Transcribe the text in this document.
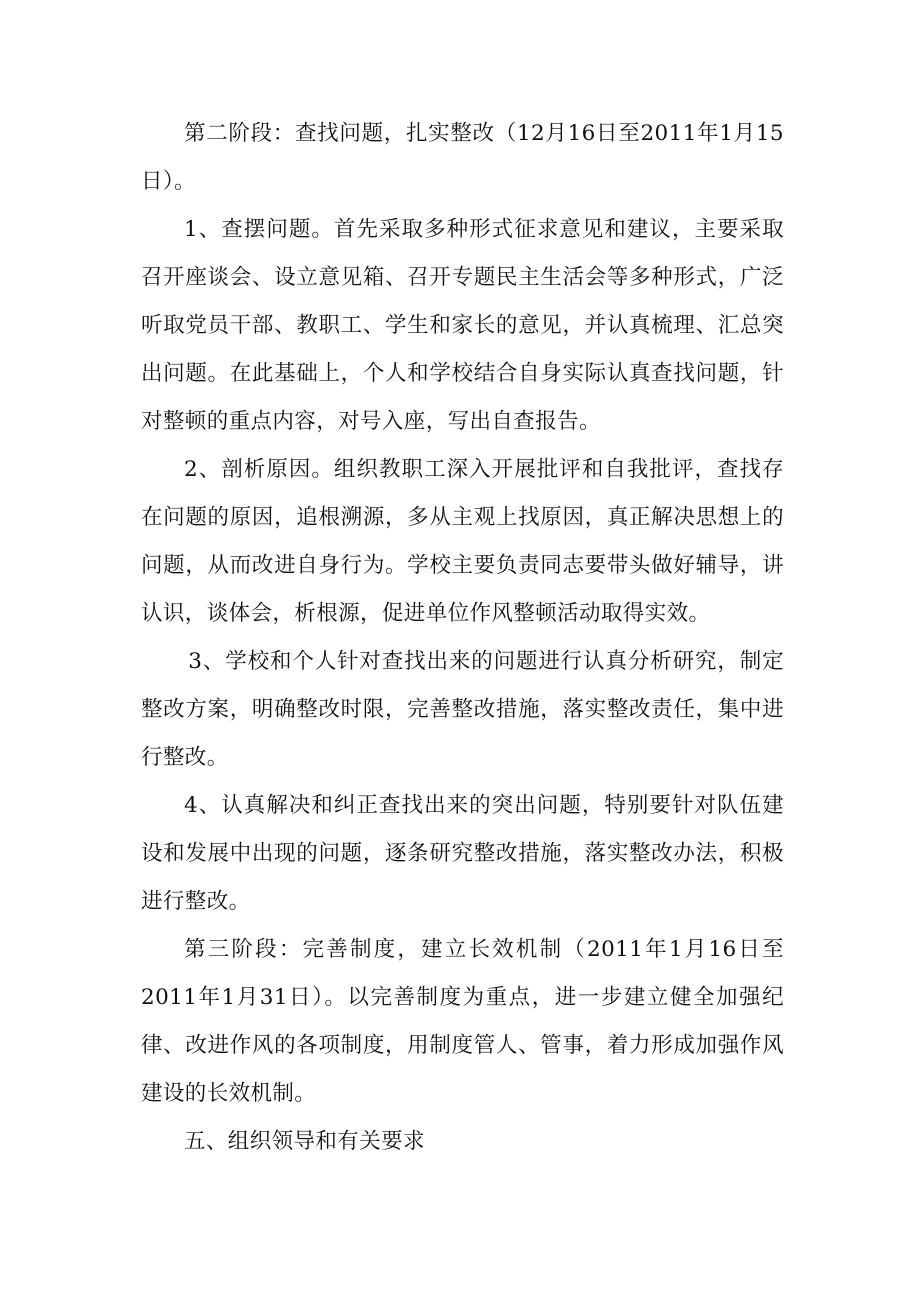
第二阶段：查找问题，扎实整改（12月16日至2011年1月15日）。

1、查摆问题。首先采取多种形式征求意见和建议，主要采取召开座谈会、设立意见箱、召开专题民主生活会等多种形式，广泛听取党员干部、教职工、学生和家长的意见，并认真梳理、汇总突出问题。在此基础上，个人和学校结合自身实际认真查找问题，针对整顿的重点内容，对号入座，写出自查报告。

2、剖析原因。组织教职工深入开展批评和自我批评，查找存在问题的原因，追根溯源，多从主观上找原因，真正解决思想上的问题，从而改进自身行为。学校主要负责同志要带头做好辅导，讲认识，谈体会，析根源，促进单位作风整顿活动取得实效。

3、学校和个人针对查找出来的问题进行认真分析研究，制定整改方案，明确整改时限，完善整改措施，落实整改责任，集中进行整改。

4、认真解决和纠正查找出来的突出问题，特别要针对队伍建设和发展中出现的问题，逐条研究整改措施，落实整改办法，积极进行整改。

第三阶段：完善制度，建立长效机制（2011年1月16日至2011年1月31日）。以完善制度为重点，进一步建立健全加强纪律、改进作风的各项制度，用制度管人、管事，着力形成加强作风建设的长效机制。

五、组织领导和有关要求
